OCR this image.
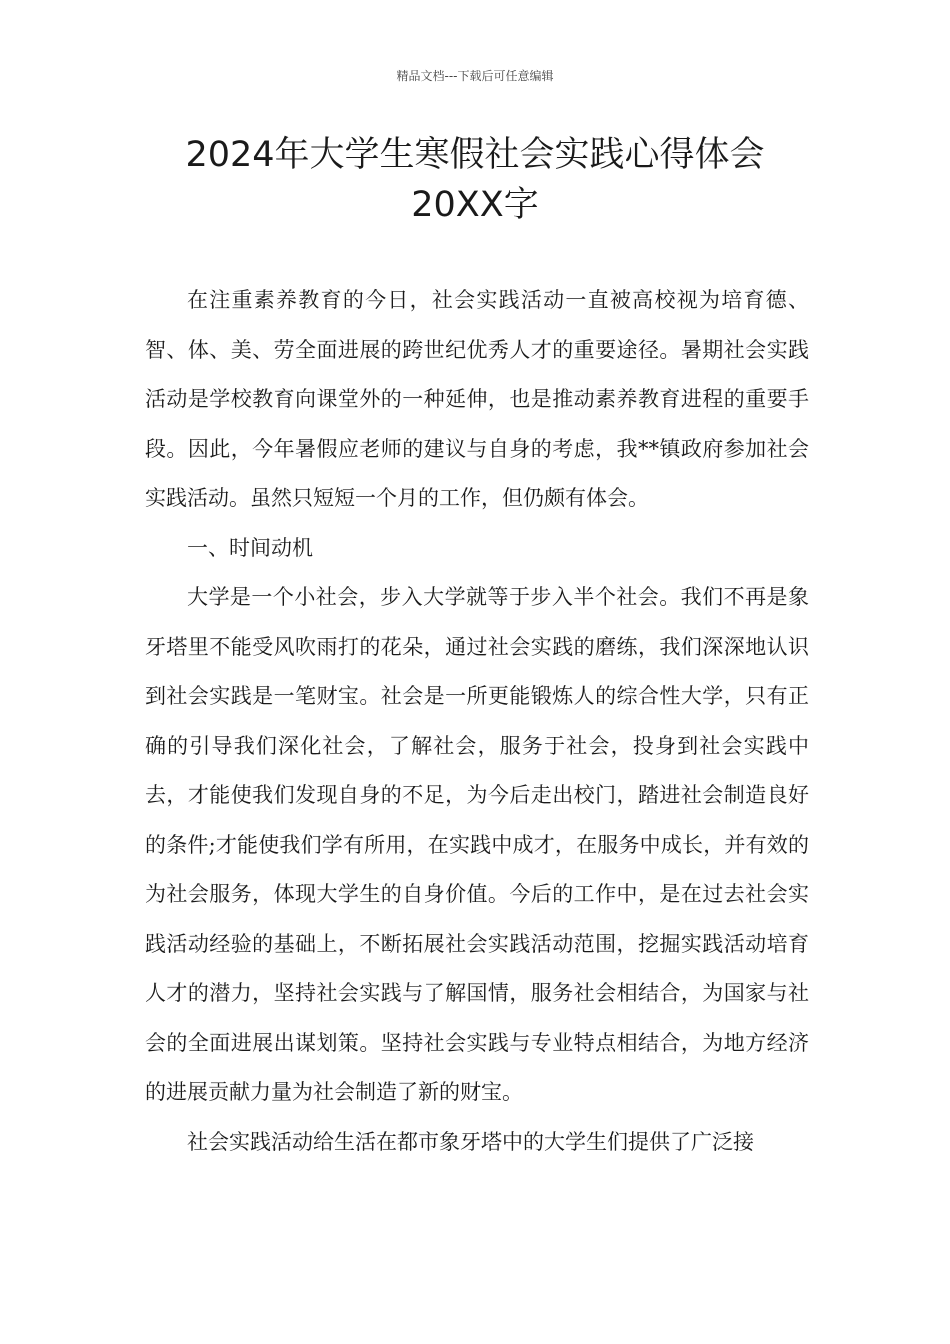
精品文档---下载后可任意编辑
2024年大学生寒假社会实践心得体会
20XX字

在注重素养教育的今日，社会实践活动一直被高校视为培育德、智、体、美、劳全面进展的跨世纪优秀人才的重要途径。暑期社会实践活动是学校教育向课堂外的一种延伸，也是推动素养教育进程的重要手段。因此，今年暑假应老师的建议与自身的考虑，我**镇政府参加社会实践活动。虽然只短短一个月的工作，但仍颇有体会。

一、时间动机

大学是一个小社会，步入大学就等于步入半个社会。我们不再是象牙塔里不能受风吹雨打的花朵，通过社会实践的磨练，我们深深地认识到社会实践是一笔财宝。社会是一所更能锻炼人的综合性大学，只有正确的引导我们深化社会，了解社会，服务于社会，投身到社会实践中去，才能使我们发现自身的不足，为今后走出校门，踏进社会制造良好的条件;才能使我们学有所用，在实践中成才，在服务中成长，并有效的为社会服务，体现大学生的自身价值。今后的工作中，是在过去社会实践活动经验的基础上，不断拓展社会实践活动范围，挖掘实践活动培育人才的潜力，坚持社会实践与了解国情，服务社会相结合，为国家与社会的全面进展出谋划策。坚持社会实践与专业特点相结合，为地方经济的进展贡献力量为社会制造了新的财宝。

社会实践活动给生活在都市象牙塔中的大学生们提供了广泛接
